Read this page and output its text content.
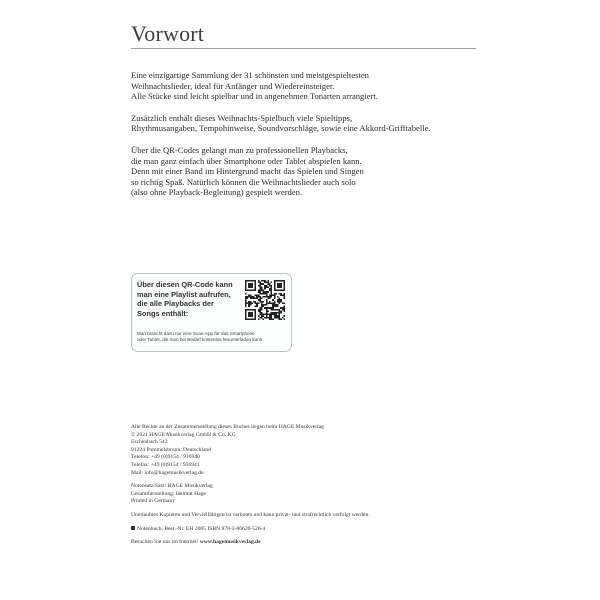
Vorwort

Eine einzigartige Sammlung der 31 schönsten und meistgespieltesten
Weihnachtslieder, ideal für Anfänger und Wiedereinsteiger.
Alle Stücke sind leicht spielbar und in angenehmen Tonarten arrangiert.

Zusätzlich enthält dieses Weihnachts-Spielbuch viele Spieltipps,
Rhythmusangaben, Tempohinweise, Soundvorschläge, sowie eine Akkord-Grifftabelle.

Über die QR-Codes gelangt man zu professionellen Playbacks,
die man ganz einfach über Smartphone oder Tablet abspielen kann.
Denn mit einer Band im Hintergrund macht das Spielen und Singen
so richtig Spaß. Natürlich können die Weihnachtslieder auch solo
(also ohne Playback-Begleitung) gespielt werden.

Über diesen QR-Code kann
man eine Playlist aufrufen,
die alle Playbacks der
Songs enthält:
Man braucht dazu nur eine Scan-App für das Smartphone
oder Tablet, die man bei Bedarf kostenlos herunterladen kann.
Alle Rechte an der Zusammenstellung dieses Buches liegen beim HAGE Musikverlag
© 2021 HAGE Musikverlag GmbH & Co. KG
Eschenbach 542
91224 Pommelsbrunn, Deutschland
Telefon: +49 (0)9154 / 916940
Telefax: +49 (0)9154 / 916941
Mail: info@hagemusikverlag.de
Notensatz/Satz: HAGE Musikverlag
Gesamtherstellung: Helmut Hage
Printed in Germany
Unerlaubtes Kopieren und Vervielfältigen ist verboten und kann privat- und strafrechtlich verfolgt werden.
Notenbuch, Best.-Nr. EH 2085 ISBN 978-3-86626-526-4
Besuchen Sie uns im Internet! www.hagemusikverlag.de
